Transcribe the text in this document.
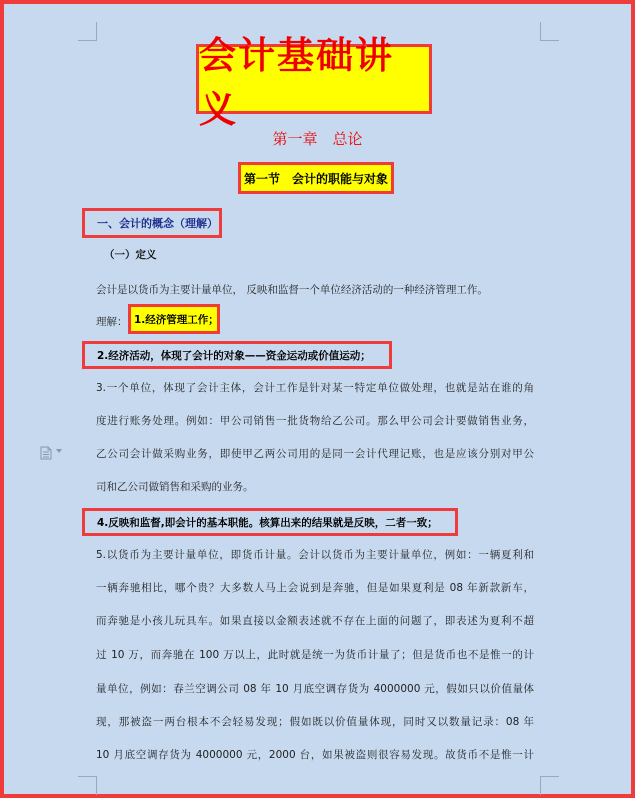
会计基础讲义
第一章　总论
第一节　会计的职能与对象
一、会计的概念（理解）
（一）定义
会计是以货币为主要计量单位， 反映和监督一个单位经济活动的一种经济管理工作。
理解： 1.经济管理工作；
2.经济活动，体现了会计的对象——资金运动或价值运动；
3.一个单位，体现了会计主体，会计工作是针对某一特定单位做处理，也就是站在谁的角
度进行账务处理。例如：甲公司销售一批货物给乙公司。那么甲公司会计要做销售业务，
乙公司会计做采购业务，即使甲乙两公司用的是同一会计代理记账，也是应该分别对甲公
司和乙公司做销售和采购的业务。
4.反映和监督,即会计的基本职能。核算出来的结果就是反映，二者一致；
5.以货币为主要计量单位，即货币计量。会计以货币为主要计量单位，例如：一辆夏利和
一辆奔驰相比，哪个贵？大多数人马上会说到是奔驰，但是如果夏利是 08 年新款新车，
而奔驰是小孩儿玩具车。如果直接以金额表述就不存在上面的问题了，即表述为夏利不超
过 10 万，而奔驰在 100 万以上，此时就是统一为货币计量了；但是货币也不是惟一的计
量单位，例如：春兰空调公司 08 年 10 月底空调存货为 4000000 元，假如只以价值量体
现，那被盗一两台根本不会轻易发现；假如既以价值量体现，同时又以数量记录：08 年
10 月底空调存货为 4000000 元，2000 台，如果被盗则很容易发现。故货币不是惟一计
